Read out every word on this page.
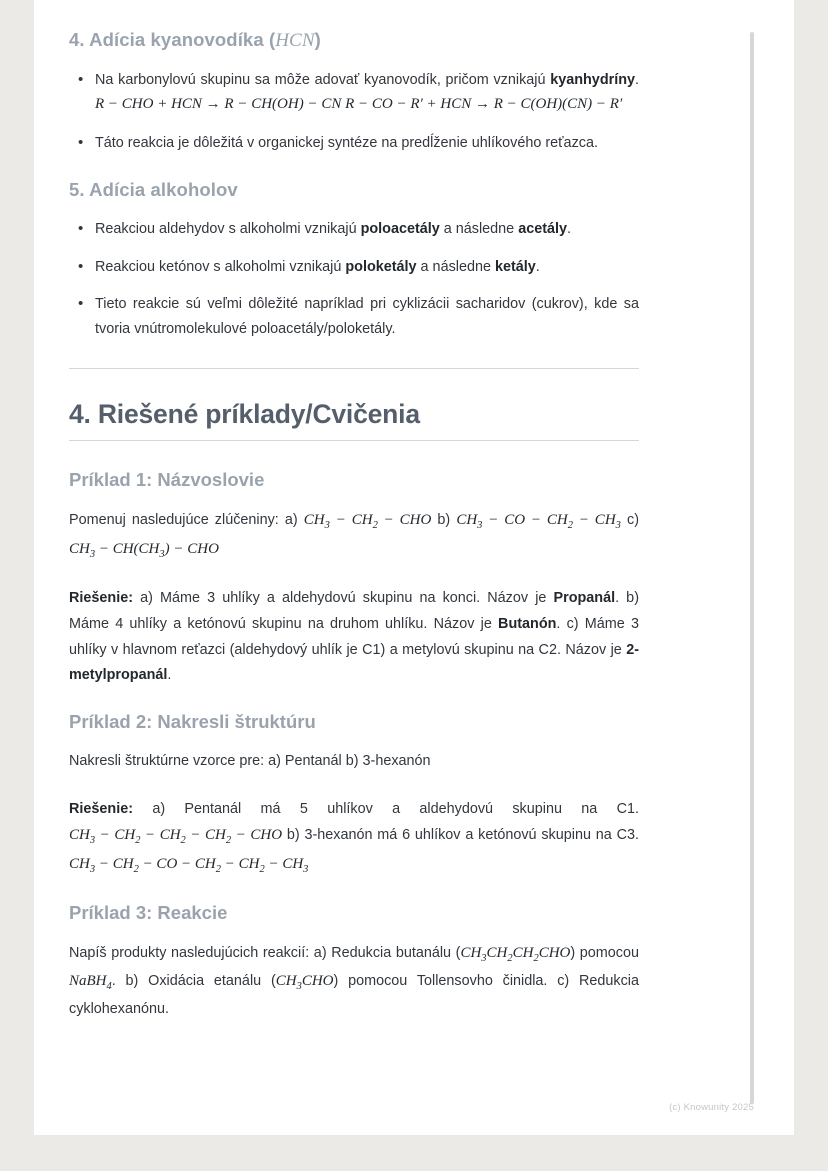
4. Adícia kyanovodíka (HCN)
• Na karbonylovú skupinu sa môže adovať kyanovodík, pričom vznikajú kyanhydríny. R − CHO + HCN → R − CH(OH) − CN R − CO − R′ + HCN → R − C(OH)(CN) − R′
• Táto reakcia je dôležitá v organickej syntéze na predĺženie uhlíkového reťazca.
5. Adícia alkoholov
• Reakciou aldehydov s alkoholmi vznikajú poloacetály a následne acetály.
• Reakciou ketónov s alkoholmi vznikajú poloketály a následne ketály.
• Tieto reakcie sú veľmi dôležité napríklad pri cyklizácii sacharidov (cukrov), kde sa tvoria vnútromolekulové poloacetály/poloketály.
4. Riešené príklady/Cvičenia
Príklad 1: Názvoslovie

Pomenuj nasledujúce zlúčeniny: a) $CH_3 - CH_2$ − CHO b) $CH_3$ − CO − $CH_2 - CH_3$ c) $CH_3 - CH(CH_3)$ − CHO

Riešenie: a) Máme 3 uhlíky a aldehydovú skupinu na konci. Názov je Propanál. b) Máme 4 uhlíky a ketónovú skupinu na druhom uhlíku. Názov je Butanón. c) Máme 3 uhlíky v hlavnom reťazci (aldehydový uhlík je C1) a metylovú skupinu na C2. Názov je 2-metylpropanál.

Príklad 2: Nakresli štruktúru

Nakresli štruktúrne vzorce pre: a) Pentanál b) 3-hexanón

Riešenie: a) Pentanál má 5 uhlíkov a aldehydovú skupinu na C1. $CH_3 - CH_2 - CH_2 - CH_2$ − CHO b) 3-hexanón má 6 uhlíkov a ketónovú skupinu na C3. $CH_3 - CH_2$ − CO − $CH_2 - CH_2 - CH_3$

Príklad 3: Reakcie

Napíš produkty nasledujúcich reakcií: a) Redukcia butanálu $(CH_3CH_2CH_2CHO)$ pomocou NaBH$_4$. b) Oxidácia etanálu $(CH_3CHO)$ pomocou Tollensovho činidla. c) Redukcia cyklohexanónu.

(c) Knowunity 2025
